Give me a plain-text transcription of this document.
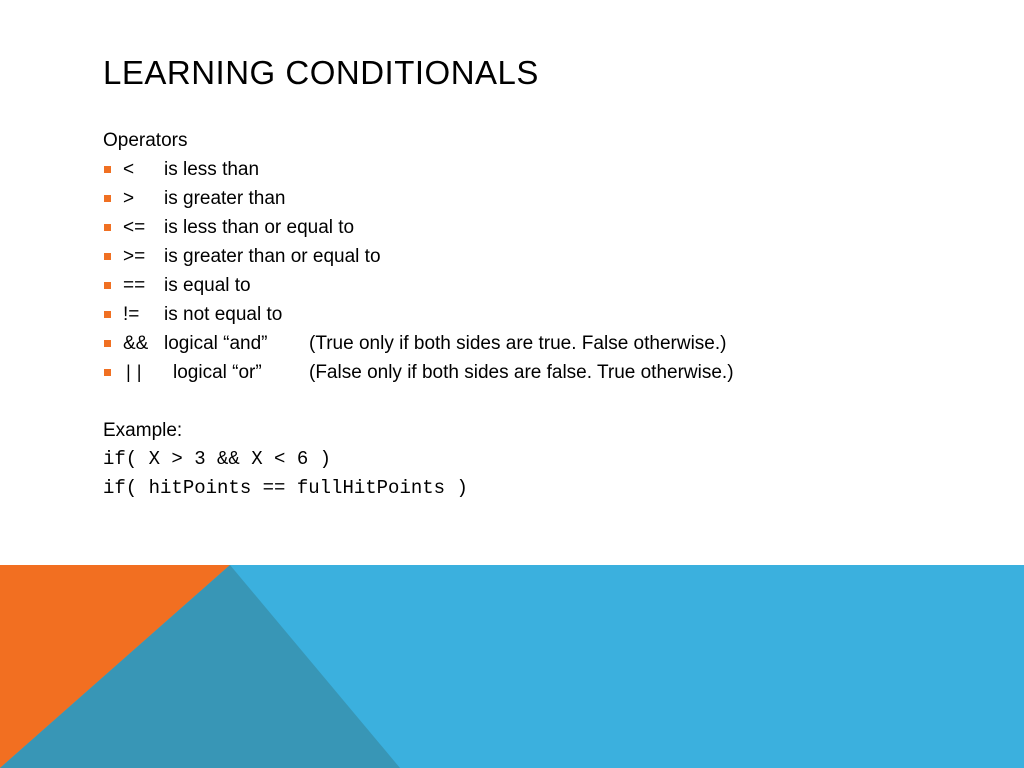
LEARNING CONDITIONALS
Operators
< is less than
> is greater than
<= is less than or equal to
>= is greater than or equal to
== is equal to
!= is not equal to
&& logical “and” (True only if both sides are true. False otherwise.)
|| logical “or” (False only if both sides are false. True otherwise.)
Example:
if( X > 3 && X < 6 )
if( hitPoints == fullHitPoints )
